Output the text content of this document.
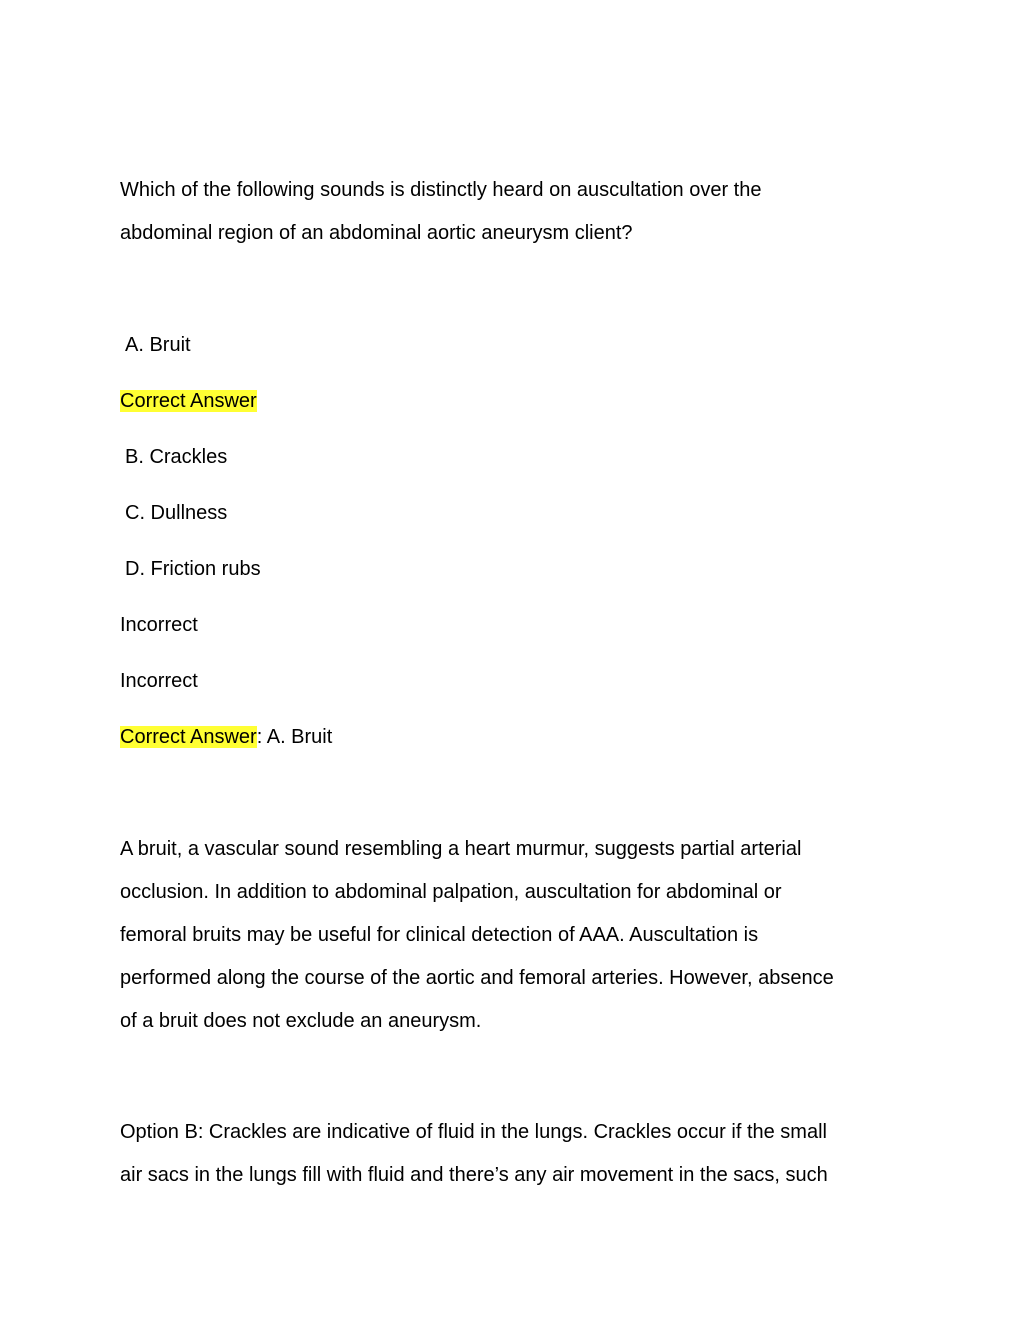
Which of the following sounds is distinctly heard on auscultation over the

abdominal region of an abdominal aortic aneurysm client?

A. Bruit

Correct Answer

B. Crackles

C. Dullness

D. Friction rubs

Incorrect

Incorrect

Correct Answer: A. Bruit

A bruit, a vascular sound resembling a heart murmur, suggests partial arterial

occlusion. In addition to abdominal palpation, auscultation for abdominal or

femoral bruits may be useful for clinical detection of AAA. Auscultation is

performed along the course of the aortic and femoral arteries. However, absence

of a bruit does not exclude an aneurysm.

Option B: Crackles are indicative of fluid in the lungs. Crackles occur if the small

air sacs in the lungs fill with fluid and there’s any air movement in the sacs, such
